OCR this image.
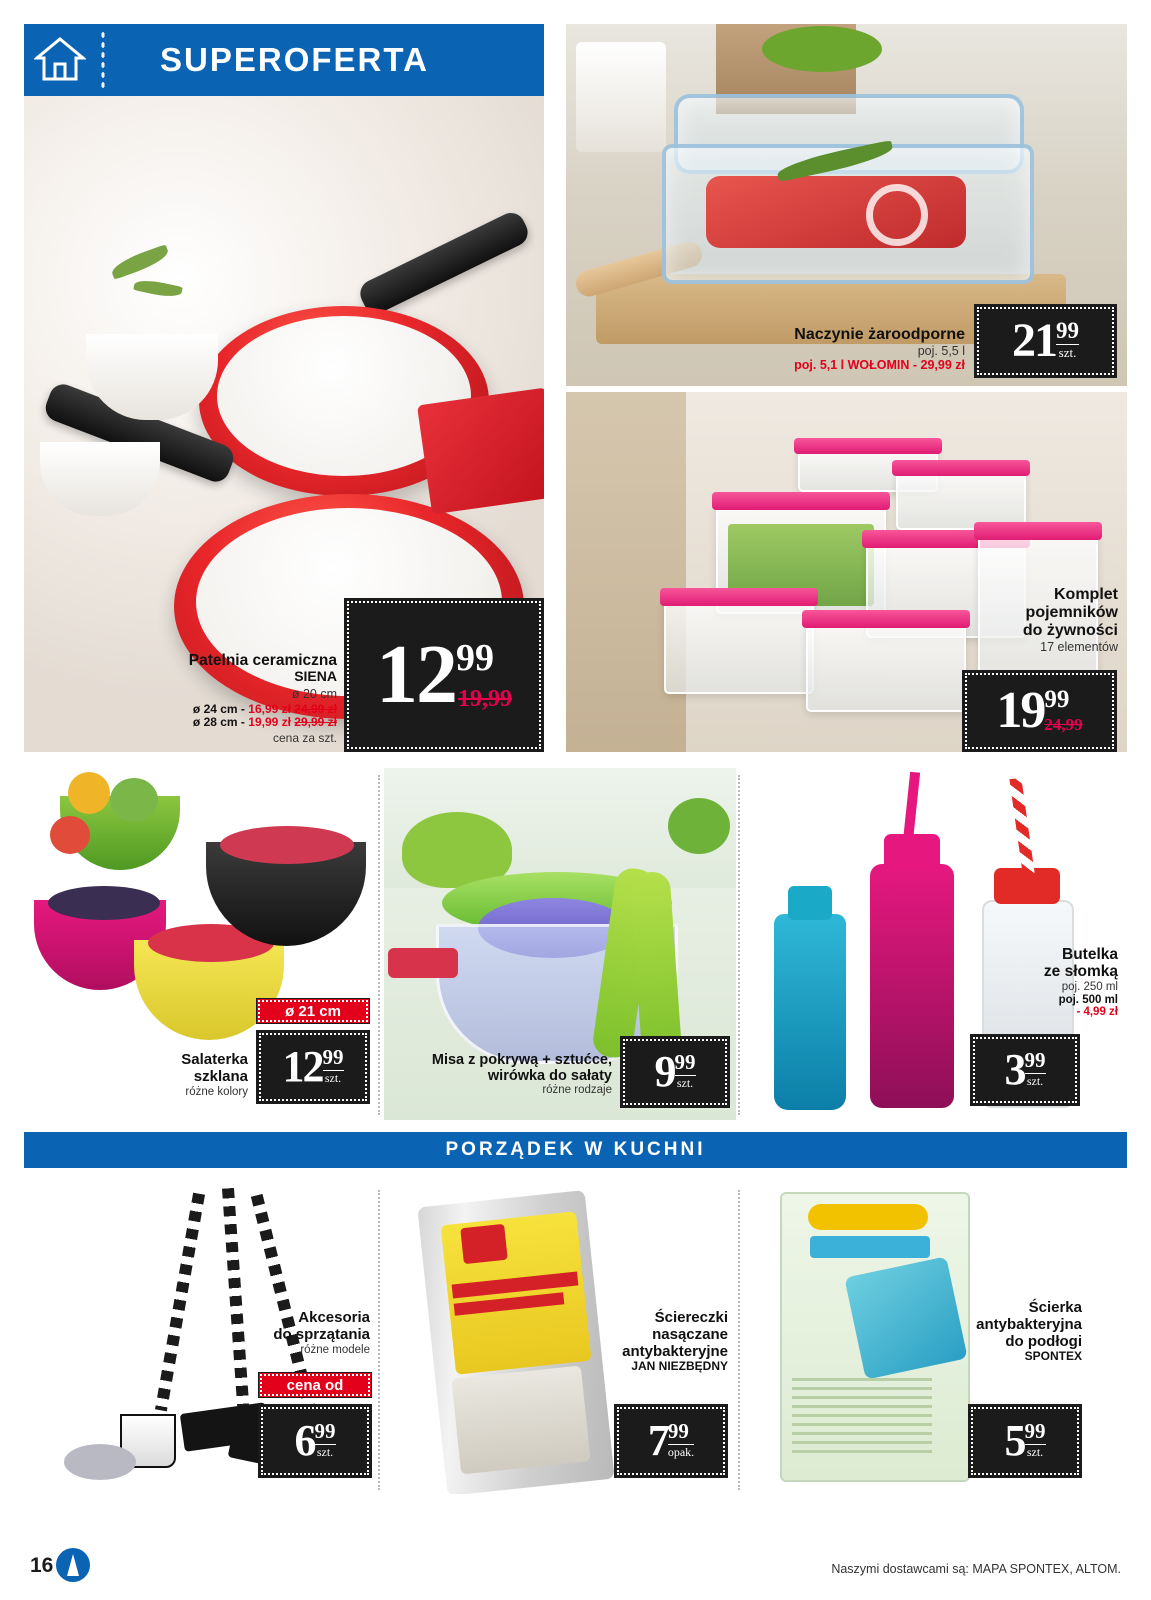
SUPEROFERTA
12 99
19,99
Patelnia ceramiczna
SIENA
ø 20 cm
ø 24 cm - 16,99 zł 24,99 zł
ø 28 cm - 19,99 zł 29,99 zł
cena za szt.
21 99
szt.
Naczynie żaroodporne
poj. 5,5 l
poj. 5,1 l WOŁOMIN - 29,99 zł
19 99
24,99
Komplet
pojemników
do żywności
17 elementów
ø 21 cm
12 99
szt.
Salaterka
szklana
różne kolory	9 99
szt.
Misa z pokrywą + sztućce,
wirówka do sałaty
różne rodzaje	3 99
szt.
Butelka
ze słomką
poj. 250 ml
poj. 500 ml
- 4,99 zł
PORZĄDEK W KUCHNI
Akcesoria
do sprzątania
różne modele
cena od
6 99
szt.
Ściereczki
nasączane
antybakteryjne
JAN NIEZBĘDNY
7 99
opak.
Ścierka
antybakteryjna
do podłogi
SPONTEX
5 99
szt.
16	Naszymi dostawcami są: MAPA SPONTEX, ALTOM.
